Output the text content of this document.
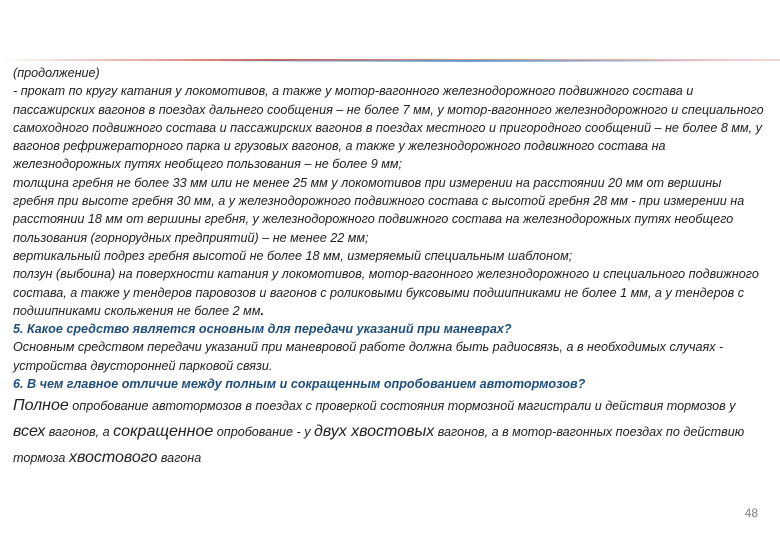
(продолжение)

- прокат по кругу катания у локомотивов, а также у мотор-вагонного железнодорожного подвижного состава и пассажирских вагонов в поездах дальнего сообщения – не более 7 мм, у мотор-вагонного железнодорожного и специального самоходного подвижного состава и пассажирских вагонов в поездах местного и пригородного сообщений – не более 8 мм, у вагонов рефрижераторного парка и грузовых вагонов, а также у железнодорожного подвижного состава на железнодорожных путях необщего пользования – не более 9 мм;

толщина гребня не более 33 мм или не менее 25 мм у локомотивов при измерении на расстоянии 20 мм от вершины гребня при высоте гребня 30 мм, а у железнодорожного подвижного состава с высотой гребня 28 мм - при измерении на расстоянии 18 мм от вершины гребня, у железнодорожного подвижного состава на железнодорожных путях необщего пользования (горнорудных предприятий) – не менее 22 мм;

вертикальный подрез гребня высотой не более 18 мм, измеряемый специальным шаблоном;

ползун (выбоина) на поверхности катания у локомотивов, мотор-вагонного железнодорожного и специального подвижного состава, а также у тендеров паровозов и вагонов с роликовыми буксовыми подшипниками не более 1 мм, а у тендеров с подшипниками скольжения не более 2 мм.

5. Какое средство является основным для передачи указаний при маневрах?

Основным средством передачи указаний при маневровой работе должна быть радиосвязь, а в необходимых случаях - устройства двусторонней парковой связи.

6. В чем главное отличие между полным и сокращенным опробованием автотормозов?

Полное опробование автотормозов в поездах с проверкой состояния тормозной магистрали и действия тормозов у всех вагонов, а сокращенное опробование - у двух хвостовых вагонов, а в мотор-вагонных поездах по действию тормоза хвостового вагона

48
